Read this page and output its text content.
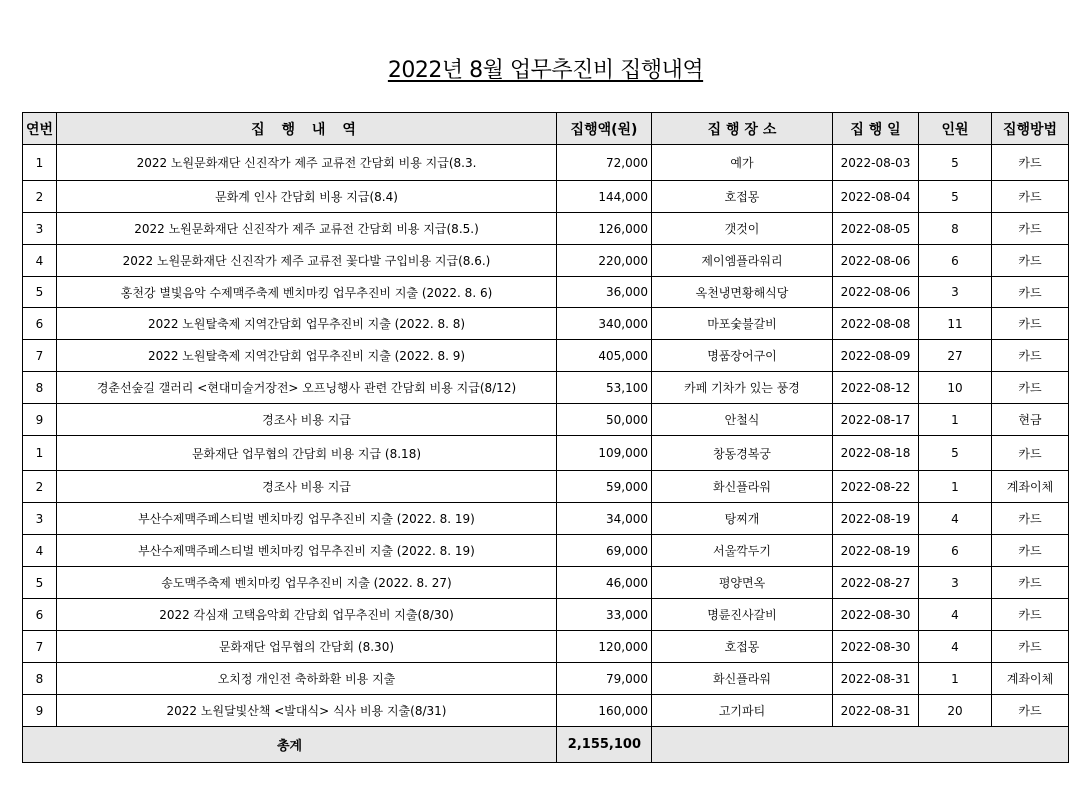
2022년 8월 업무추진비 집행내역
연번	집 행 내 역	집행액(원)	집 행 장 소	집 행 일	인원	집행방법
1	2022 노원문화재단 신진작가 제주 교류전 간담회 비용 지급(8.3.	72,000	예가	2022-08-03	5	카드
2	문화계 인사 간담회 비용 지급(8.4)	144,000	호접몽	2022-08-04	5	카드
3	2022 노원문화재단 신진작가 제주 교류전 간담회 비용 지급(8.5.)	126,000	갯것이	2022-08-05	8	카드
4	2022 노원문화재단 신진작가 제주 교류전 꽃다발 구입비용 지급(8.6.)	220,000	제이엠플라워리	2022-08-06	6	카드
5	홍천강 별빛음악 수제맥주축제 벤치마킹 업무추진비 지출 (2022. 8. 6)	36,000	옥천냉면황해식당	2022-08-06	3	카드
6	2022 노원탈축제 지역간담회 업무추진비 지출 (2022. 8. 8)	340,000	마포숯불갈비	2022-08-08	11	카드
7	2022 노원탈축제 지역간담회 업무추진비 지출 (2022. 8. 9)	405,000	명품장어구이	2022-08-09	27	카드
8	경춘선숲길 갤러리 <현대미술거장전> 오프닝행사 관련 간담회 비용 지급(8/12)	53,100	카페 기차가 있는 풍경	2022-08-12	10	카드
9	경조사 비용 지급	50,000	안철식	2022-08-17	1	현금
1	문화재단 업무협의 간담회 비용 지급 (8.18)	109,000	창동경복궁	2022-08-18	5	카드
2	경조사 비용 지급	59,000	화신플라워	2022-08-22	1	계좌이체
3	부산수제맥주페스티벌 벤치마킹 업무추진비 지출 (2022. 8. 19)	34,000	탕찌개	2022-08-19	4	카드
4	부산수제맥주페스티벌 벤치마킹 업무추진비 지출 (2022. 8. 19)	69,000	서울깍두기	2022-08-19	6	카드
5	송도맥주축제 벤치마킹 업무추진비 지출 (2022. 8. 27)	46,000	평양면옥	2022-08-27	3	카드
6	2022 각심재 고택음악회 간담회 업무추진비 지출(8/30)	33,000	명륜진사갈비	2022-08-30	4	카드
7	문화재단 업무협의 간담회 (8.30)	120,000	호접몽	2022-08-30	4	카드
8	오치정 개인전 축하화환 비용 지출	79,000	화신플라워	2022-08-31	1	계좌이체
9	2022 노원달빛산책 <발대식> 식사 비용 지출(8/31)	160,000	고기파티	2022-08-31	20	카드
총계		2,155,100				
